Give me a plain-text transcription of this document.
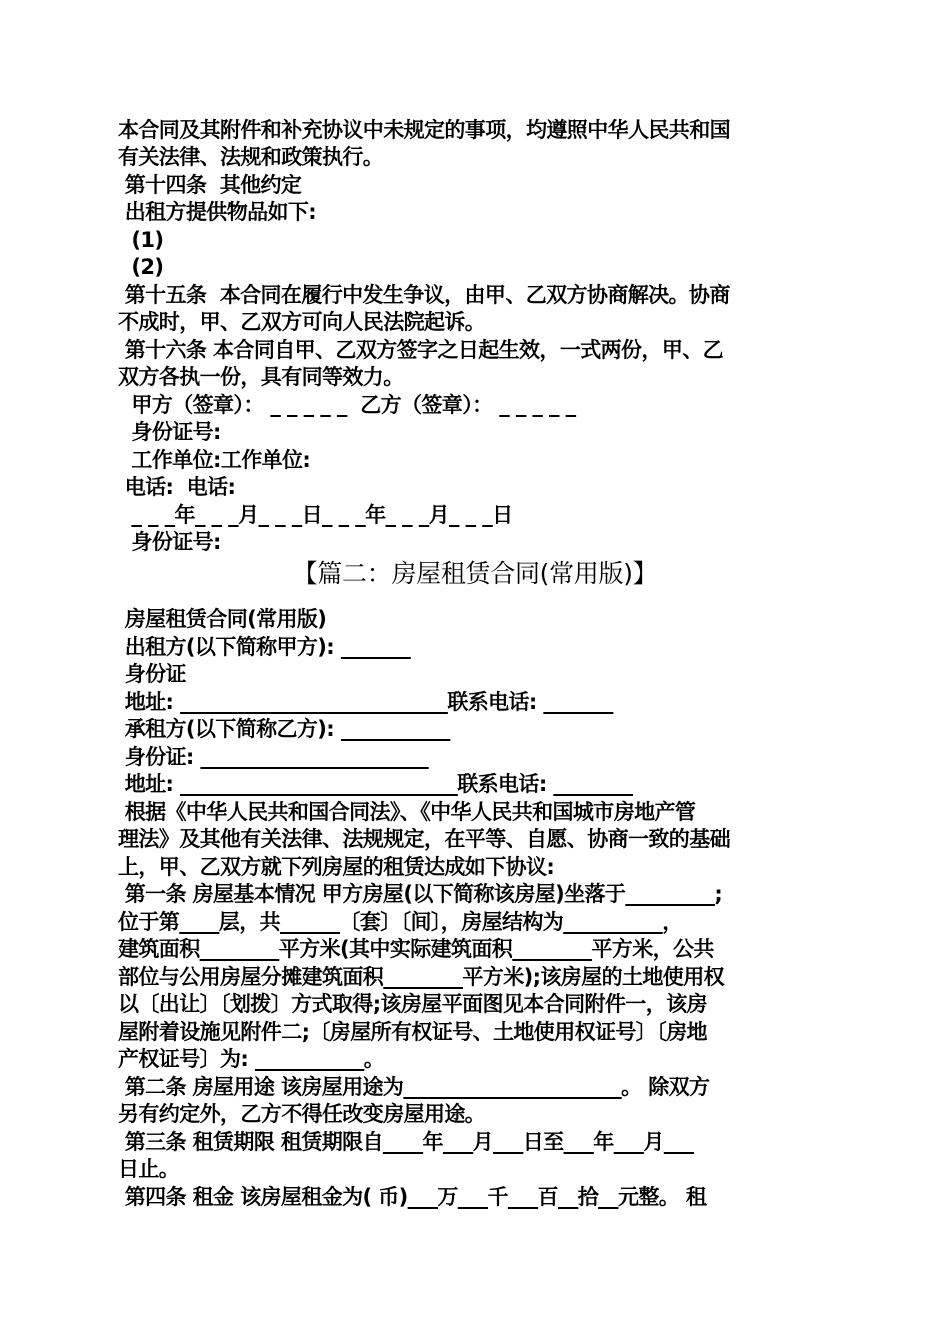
本合同及其附件和补充协议中未规定的事项，均遵照中华人民共和国
有关法律、法规和政策执行。
第十四条  其他约定
出租方提供物品如下:
(1)
(2)
第十五条  本合同在履行中发生争议，由甲、乙双方协商解决。协商
不成时，甲、乙双方可向人民法院起诉。
第十六条 本合同自甲、乙双方签字之日起生效，一式两份，甲、乙
双方各执一份，具有同等效力。
甲方（签章）： _ _ _ _ _  乙方（签章）： _ _ _ _ _
身份证号:
工作单位:工作单位:
电话:  电话:
_ _ _年_ _ _月_ _ _日_ _ _年_ _ _月_ _ _日
身份证号:
【篇二：房屋租赁合同(常用版)】
房屋租赁合同(常用版)
出租方(以下简称甲方): _______
身份证
地址: ___________________________联系电话: _______
承租方(以下简称乙方): ___________
身份证: _______________________
地址: ____________________________联系电话: ________
根据《中华人民共和国合同法》、《中华人民共和国城市房地产管
理法》及其他有关法律、法规规定，在平等、自愿、协商一致的基础
上，甲、乙双方就下列房屋的租赁达成如下协议:
第一条 房屋基本情况 甲方房屋(以下简称该房屋)坐落于_________;
位于第____层，共______〔套〕〔间〕，房屋结构为__________，
建筑面积________平方米(其中实际建筑面积________平方米，公共
部位与公用房屋分摊建筑面积________平方米);该房屋的土地使用权
以〔出让〕〔划拨〕方式取得;该房屋平面图见本合同附件一，该房
屋附着设施见附件二;〔房屋所有权证号、土地使用权证号〕〔房地
产权证号〕为: ___________。
第二条 房屋用途 该房屋用途为______________________。 除双方
另有约定外，乙方不得任改变房屋用途。
第三条 租赁期限 租赁期限自____年___月___日至___年___月___
日止。
第四条 租金 该房屋租金为( 币)___万___千___百__拾__元整。 租
